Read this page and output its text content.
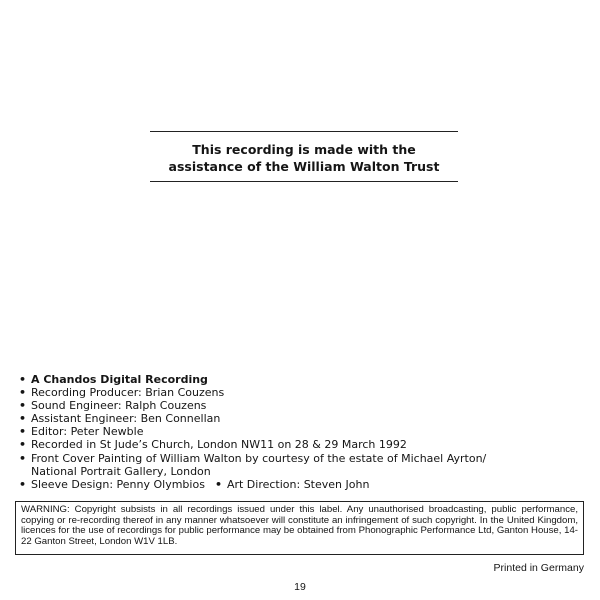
This recording is made with the
assistance of the William Walton Trust
• A Chandos Digital Recording
• Recording Producer: Brian Couzens
• Sound Engineer: Ralph Couzens
• Assistant Engineer: Ben Connellan
• Editor: Peter Newble
• Recorded in St Jude’s Church, London NW11 on 28 & 29 March 1992
• Front Cover Painting of William Walton by courtesy of the estate of Michael Ayrton/
National Portrait Gallery, London
• Sleeve Design: Penny Olymbios • Art Direction: Steven John

WARNING: Copyright subsists in all recordings issued under this label. Any unauthorised broadcasting, public performance, copying or re-recording thereof in any manner whatsoever will constitute an infringement of such copyright. In the United Kingdom, licences for the use of recordings for public performance may be obtained from Phonographic Performance Ltd, Ganton House, 14-22 Ganton Street, London W1V 1LB.

Printed in Germany
19
